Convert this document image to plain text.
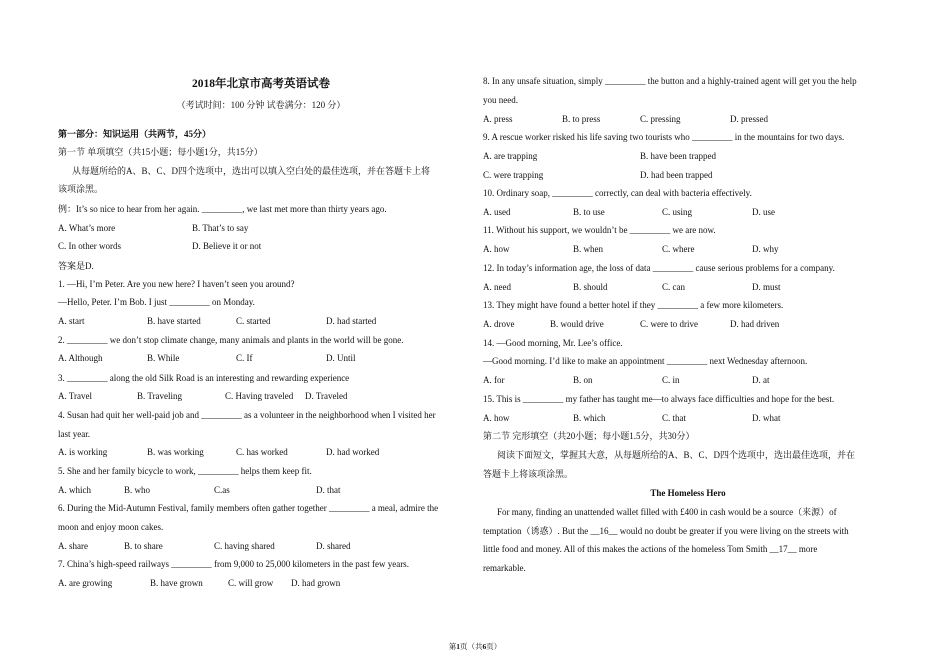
2018年北京市高考英语试卷
（考试时间：100 分钟 试卷满分：120 分）
第一部分：知识运用（共两节，45分）
第一节 单项填空（共15小题；每小题1分，共15分）
从每题所给的A、B、C、D四个选项中，选出可以填入空白处的最佳选项，并在答题卡上将
该项涂黑。
例：It’s so nice to hear from her again. _________, we last met more than thirty years ago.
A. What’s more	B. That’s to say
C. In other words	D. Believe it or not
答案是D.
1. —Hi, I’m Peter. Are you new here? I haven’t seen you around?
—Hello, Peter. I’m Bob. I just _________ on Monday.
A. start	B. have started	C. started	D. had started
2. _________ we don’t stop climate change, many animals and plants in the world will be gone.
A. Although	B. While	C. If	D. Until
3. _________ along the old Silk Road is an interesting and rewarding experience
A. Travel	B. Traveling	C. Having traveled D. Traveled
4. Susan had quit her well-paid job and _________ as a volunteer in the neighborhood when I visited her
last year.
A. is working	B. was working	C. has worked	D. had worked
5. She and her family bicycle to work, _________ helps them keep fit.
A. which	B. who	C.as	D. that
6. During the Mid-Autumn Festival, family members often gather together _________ a meal, admire the
moon and enjoy moon cakes.
A. share	B. to share	C. having shared	D. shared
7. China’s high-speed railways _________ from 9,000 to 25,000 kilometers in the past few years.
A. are growing	B. have grown	C. will grow D. had grown
8. In any unsafe situation, simply _________ the button and a highly-trained agent will get you the help
you need.
A. press	B. to press	C. pressing	D. pressed
9. A rescue worker risked his life saving two tourists who _________ in the mountains for two days.
A. are trapping	B. have been trapped
C. were trapping	D. had been trapped
10. Ordinary soap, _________ correctly, can deal with bacteria effectively.
A. used	B. to use	C. using	D. use
11. Without his support, we wouldn’t be _________ we are now.
A. how	B. when	C. where	D. why
12. In today’s information age, the loss of data _________ cause serious problems for a company.
A. need	B. should	C. can	D. must
13. They might have found a better hotel if they _________ a few more kilometers.
A. drove	B. would drive	C. were to drive	D. had driven
14. —Good morning, Mr. Lee’s office.
—Good morning. I’d like to make an appointment _________ next Wednesday afternoon.
A. for	B. on	C. in	D. at
15. This is _________ my father has taught me—to always face difficulties and hope for the best.
A. how	B. which	C. that	D. what
第二节 完形填空（共20小题；每小题1.5分，共30分）
阅读下面短文，掌握其大意，从每题所给的A、B、C、D四个选项中，选出最佳选项，并在
答题卡上将该项涂黑。
The Homeless Hero
For many, finding an unattended wallet filled with £400 in cash would be a source（来源）of
temptation（诱惑）. But the __16__ would no doubt be greater if you were living on the streets with
little food and money. All of this makes the actions of the homeless Tom Smith __17__ more
remarkable.
第1页（共6页）
